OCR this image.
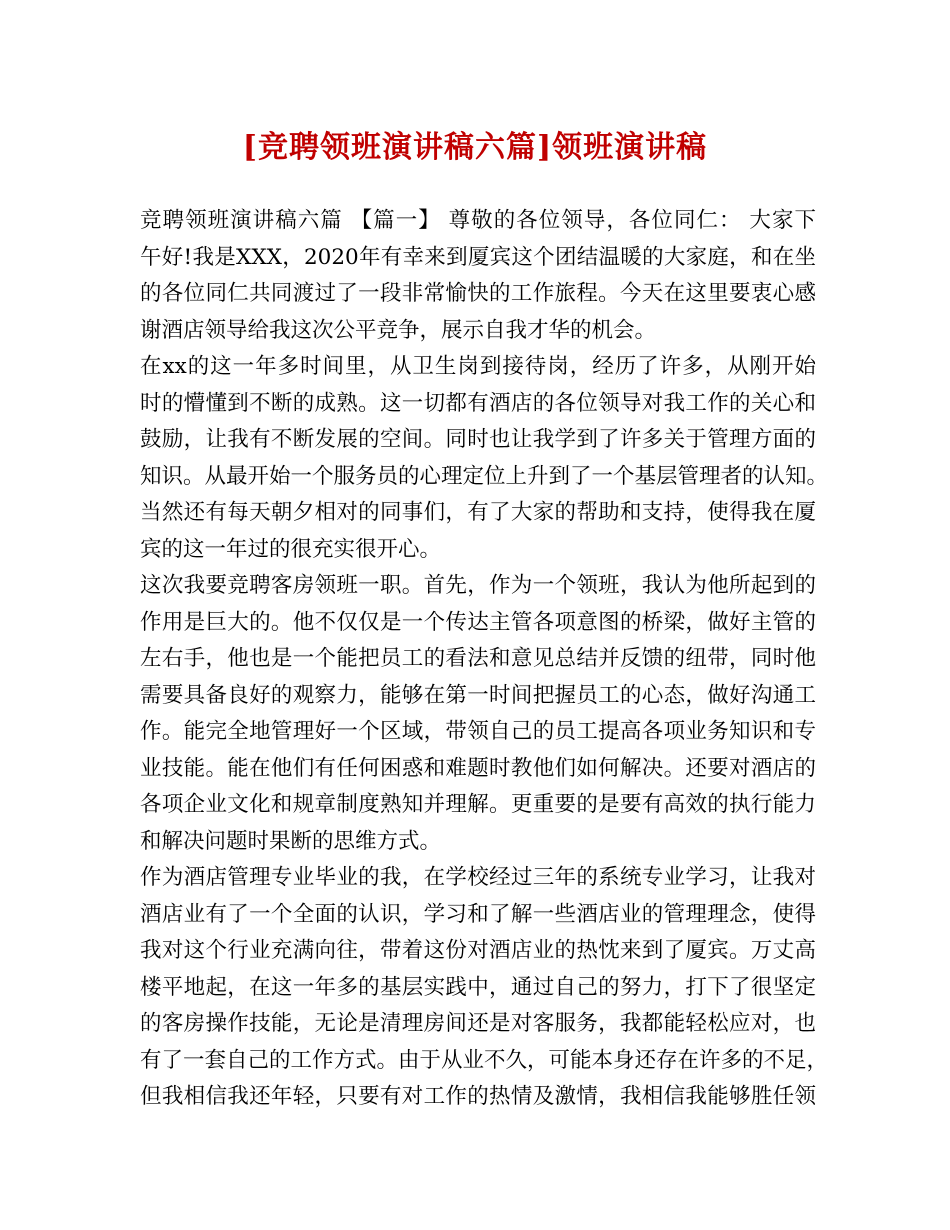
[竞聘领班演讲稿六篇]领班演讲稿
竞聘领班演讲稿六篇 【篇一】 尊敬的各位领导，各位同仁： 大家下
午好!我是XXX，2020年有幸来到厦宾这个团结温暖的大家庭，和在坐
的各位同仁共同渡过了一段非常愉快的工作旅程。今天在这里要衷心感
谢酒店领导给我这次公平竞争，展示自我才华的机会。
在xx的这一年多时间里，从卫生岗到接待岗，经历了许多，从刚开始
时的懵懂到不断的成熟。这一切都有酒店的各位领导对我工作的关心和
鼓励，让我有不断发展的空间。同时也让我学到了许多关于管理方面的
知识。从最开始一个服务员的心理定位上升到了一个基层管理者的认知。
当然还有每天朝夕相对的同事们，有了大家的帮助和支持，使得我在厦
宾的这一年过的很充实很开心。
这次我要竞聘客房领班一职。首先，作为一个领班，我认为他所起到的
作用是巨大的。他不仅仅是一个传达主管各项意图的桥梁，做好主管的
左右手，他也是一个能把员工的看法和意见总结并反馈的纽带，同时他
需要具备良好的观察力，能够在第一时间把握员工的心态，做好沟通工
作。能完全地管理好一个区域，带领自己的员工提高各项业务知识和专
业技能。能在他们有任何困惑和难题时教他们如何解决。还要对酒店的
各项企业文化和规章制度熟知并理解。更重要的是要有高效的执行能力
和解决问题时果断的思维方式。
作为酒店管理专业毕业的我，在学校经过三年的系统专业学习，让我对
酒店业有了一个全面的认识，学习和了解一些酒店业的管理理念，使得
我对这个行业充满向往，带着这份对酒店业的热忱来到了厦宾。万丈高
楼平地起，在这一年多的基层实践中，通过自己的努力，打下了很坚定
的客房操作技能，无论是清理房间还是对客服务，我都能轻松应对，也
有了一套自己的工作方式。由于从业不久，可能本身还存在许多的不足，
但我相信我还年轻，只要有对工作的热情及激情，我相信我能够胜任领
